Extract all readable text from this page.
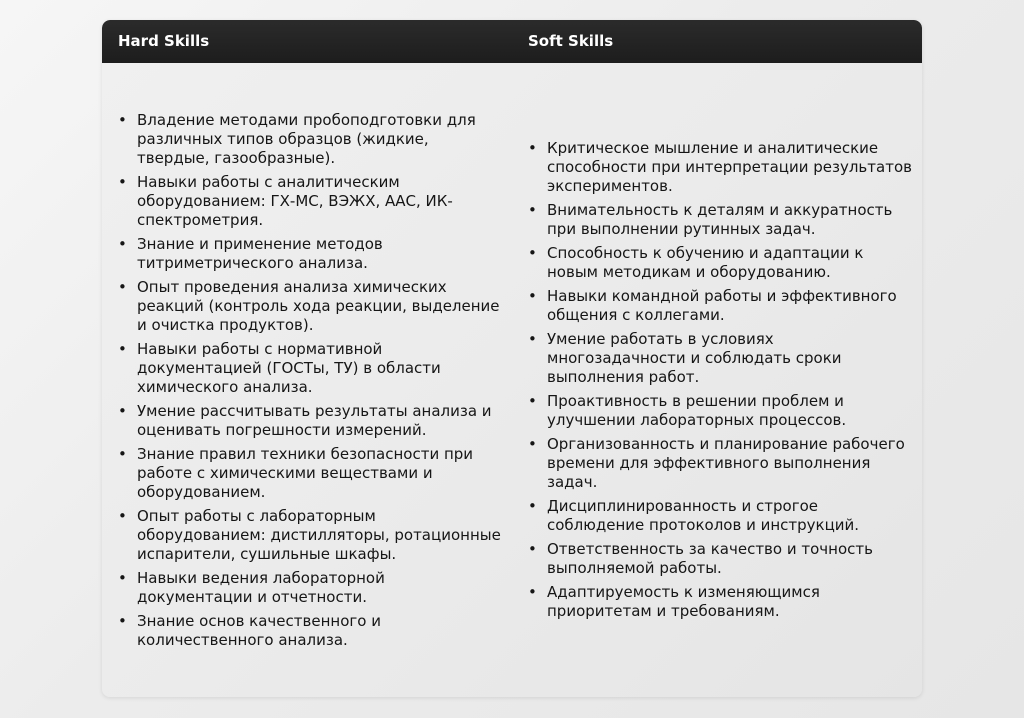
Hard Skills	Soft Skills
• Владение методами пробоподготовки для различных типов образцов (жидкие, твердые, газообразные).
• Навыки работы с аналитическим оборудованием: ГХ-МС, ВЭЖХ, ААС, ИК-спектрометрия.
• Знание и применение методов титриметрического анализа.
• Опыт проведения анализа химических реакций (контроль хода реакции, выделение и очистка продуктов).
• Навыки работы с нормативной документацией (ГОСТы, ТУ) в области химического анализа.
• Умение рассчитывать результаты анализа и оценивать погрешности измерений.
• Знание правил техники безопасности при работе с химическими веществами и оборудованием.
• Опыт работы с лабораторным оборудованием: дистилляторы, ротационные испарители, сушильные шкафы.
• Навыки ведения лабораторной документации и отчетности.
• Знание основ качественного и количественного анализа.
• Критическое мышление и аналитические способности при интерпретации результатов экспериментов.
• Внимательность к деталям и аккуратность при выполнении рутинных задач.
• Способность к обучению и адаптации к новым методикам и оборудованию.
• Навыки командной работы и эффективного общения с коллегами.
• Умение работать в условиях многозадачности и соблюдать сроки выполнения работ.
• Проактивность в решении проблем и улучшении лабораторных процессов.
• Организованность и планирование рабочего времени для эффективного выполнения задач.
• Дисциплинированность и строгое соблюдение протоколов и инструкций.
• Ответственность за качество и точность выполняемой работы.
• Адаптируемость к изменяющимся приоритетам и требованиям.
